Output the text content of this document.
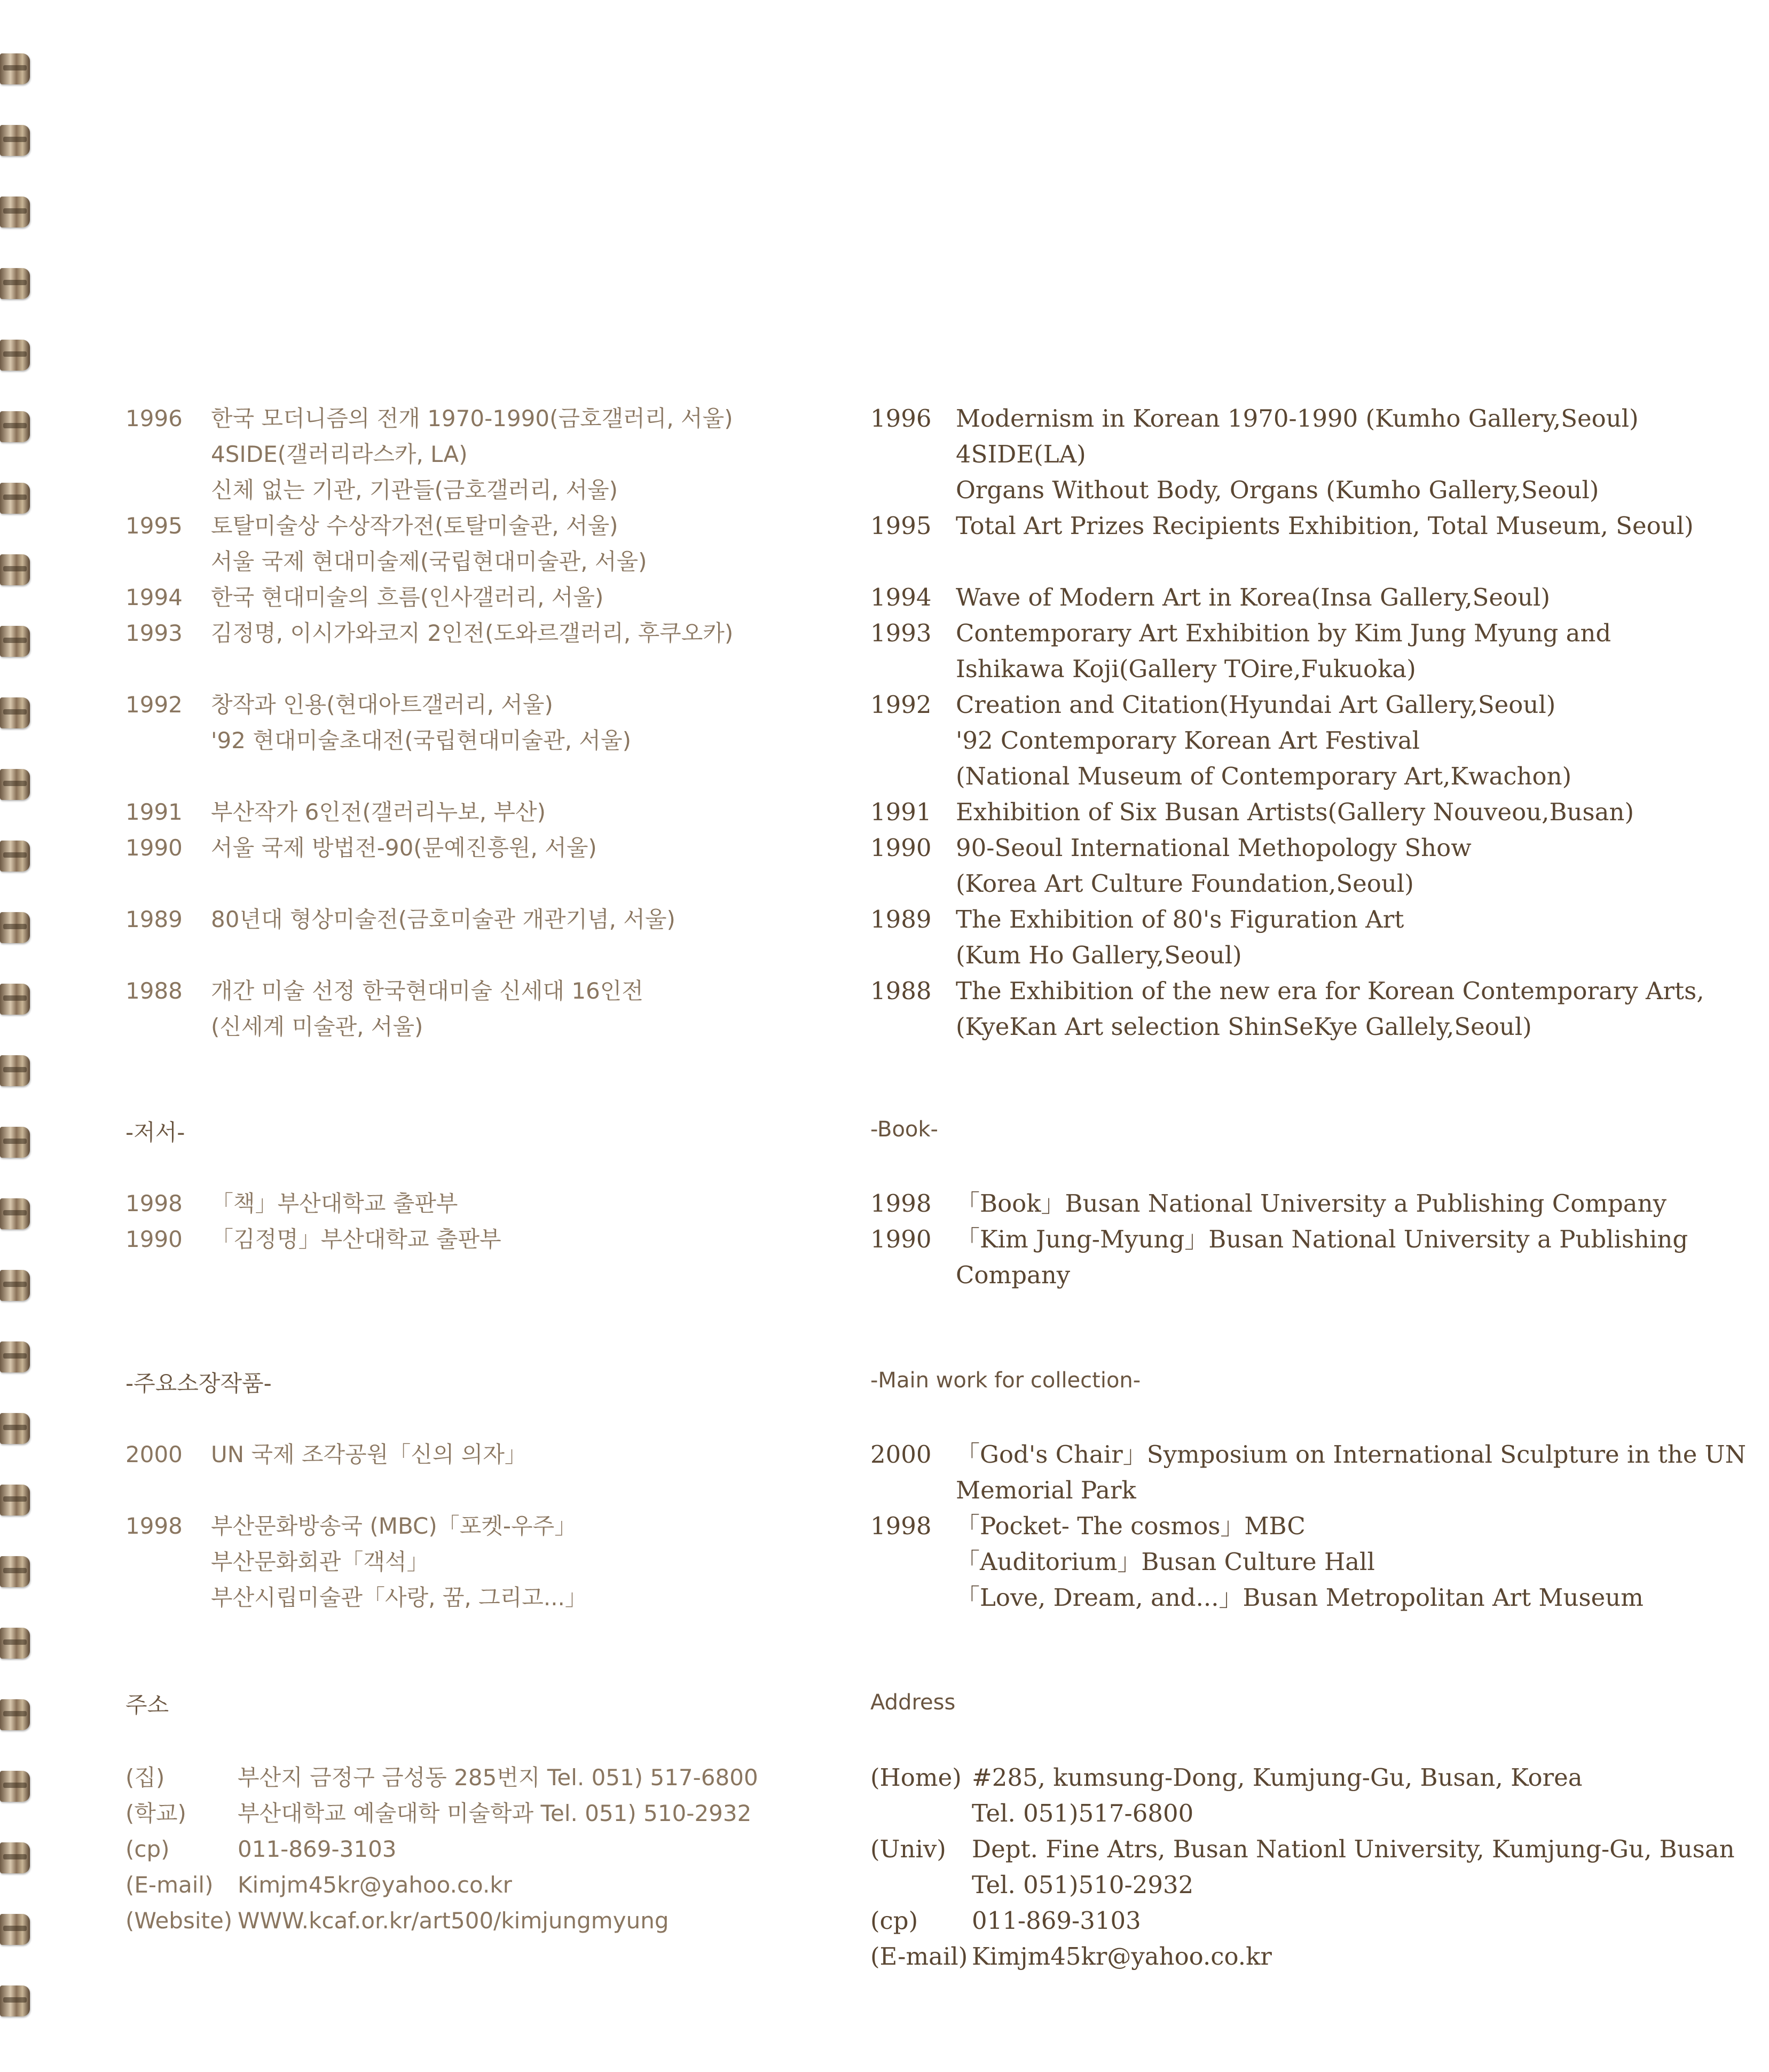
1996	한국 모더니즘의 전개 1970-1990(금호갤러리, 서울)
4SIDE(갤러리라스카, LA)
신체 없는 기관, 기관들(금호갤러리, 서울)
1995	토탈미술상 수상작가전(토탈미술관, 서울)
서울 국제 현대미술제(국립현대미술관, 서울)
1994	한국 현대미술의 흐름(인사갤러리, 서울)
1993	김정명, 이시가와코지 2인전(도와르갤러리, 후쿠오카)
1992	창작과 인용(현대아트갤러리, 서울)
'92 현대미술초대전(국립현대미술관, 서울)
1991	부산작가 6인전(갤러리누보, 부산)
1990	서울 국제 방법전-90(문예진흥원, 서울)
1989	80년대 형상미술전(금호미술관 개관기념, 서울)
1988	개간 미술 선정 한국현대미술 신세대 16인전
(신세계 미술관, 서울)
-저서-
1998	「책」부산대학교 출판부
1990	「김정명」부산대학교 출판부
-주요소장작품-
2000	UN 국제 조각공원「신의 의자」
1998	부산문화방송국 (MBC)「포켓-우주」
부산문화회관「객석」
부산시립미술관「사랑, 꿈, 그리고...」
주소
(집)	부산지 금정구 금성동 285번지 Tel. 051) 517-6800
(학교)	부산대학교 예술대학 미술학과 Tel. 051) 510-2932
(cp)	011-869-3103
(E-mail)	Kimjm45kr@yahoo.co.kr
(Website) WWW.kcaf.or.kr/art500/kimjungmyung
1996	Modernism in Korean 1970-1990 (Kumho Gallery,Seoul)
4SIDE(LA)
Organs Without Body, Organs (Kumho Gallery,Seoul)
1995	Total Art Prizes Recipients Exhibition, Total Museum, Seoul)
1994	Wave of Modern Art in Korea(Insa Gallery,Seoul)
1993	Contemporary Art Exhibition by Kim Jung Myung and
Ishikawa Koji(Gallery TOire,Fukuoka)
1992	Creation and Citation(Hyundai Art Gallery,Seoul)
'92 Contemporary Korean Art Festival
(National Museum of Contemporary Art,Kwachon)
1991	Exhibition of Six Busan Artists(Gallery Nouveou,Busan)
1990	90-Seoul International Methopology Show
(Korea Art Culture Foundation,Seoul)
1989	The Exhibition of 80's Figuration Art
(Kum Ho Gallery,Seoul)
1988	The Exhibition of the new era for Korean Contemporary Arts,
(KyeKan Art selection ShinSeKye Gallely,Seoul)
-Book-
1998	「Book」Busan National University a Publishing Company
1990	「Kim Jung-Myung」Busan National University a Publishing
Company
-Main work for collection-
2000	「God's Chair」Symposium on International Sculpture in the UN
Memorial Park
1998	「Pocket- The cosmos」MBC
「Auditorium」Busan Culture Hall
「Love, Dream, and...」Busan Metropolitan Art Museum
Address
(Home) #285, kumsung-Dong, Kumjung-Gu, Busan, Korea
Tel. 051)517-6800
(Univ)	Dept. Fine Atrs, Busan Nationl University, Kumjung-Gu, Busan
Tel. 051)510-2932
(cp)	011-869-3103
(E-mail) Kimjm45kr@yahoo.co.kr
